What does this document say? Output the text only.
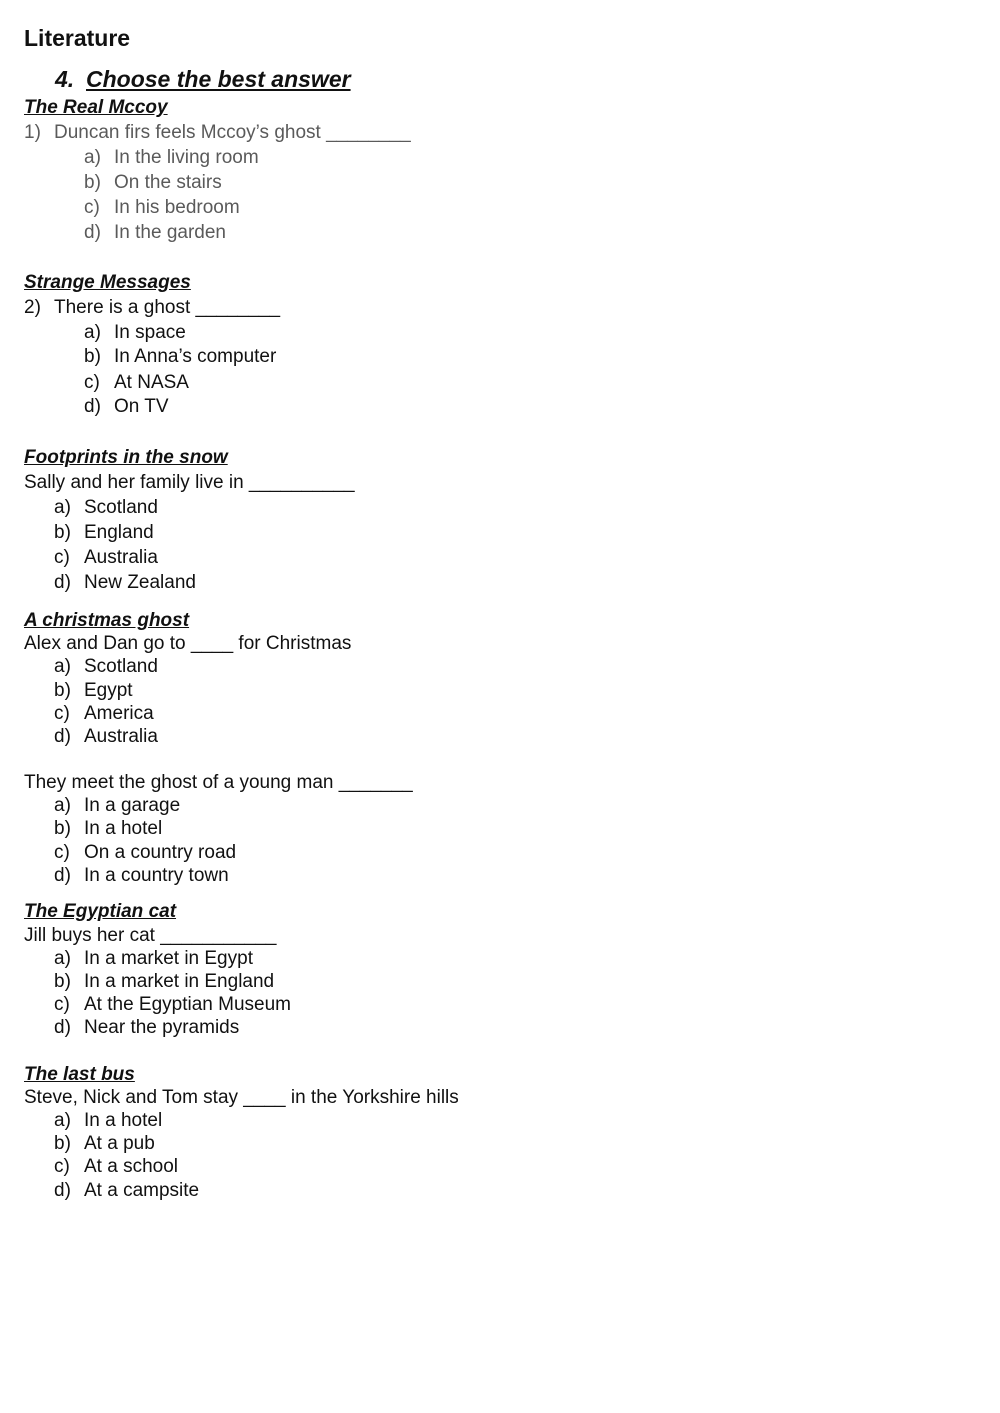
Literature
4. Choose the best answer
The Real Mccoy
1) Duncan firs feels Mccoy’s ghost ________
a) In the living room
b) On the stairs
c) In his bedroom
d) In the garden
Strange Messages
2) There is a ghost ________
a) In space
b) In Anna’s computer
c) At NASA
d) On TV
Footprints in the snow
Sally and her family live in __________
a) Scotland
b) England
c) Australia
d) New Zealand
A christmas ghost
Alex and Dan go to ____ for Christmas
a) Scotland
b) Egypt
c) America
d) Australia
They meet the ghost of a young man _______
a) In a garage
b) In a hotel
c) On a country road
d) In a country town
The Egyptian cat
Jill buys her cat ___________
a) In a market in Egypt
b) In a market in England
c) At the Egyptian Museum
d) Near the pyramids
The last bus
Steve, Nick and Tom stay ____ in the Yorkshire hills
a) In a hotel
b) At a pub
c) At a school
d) At a campsite
